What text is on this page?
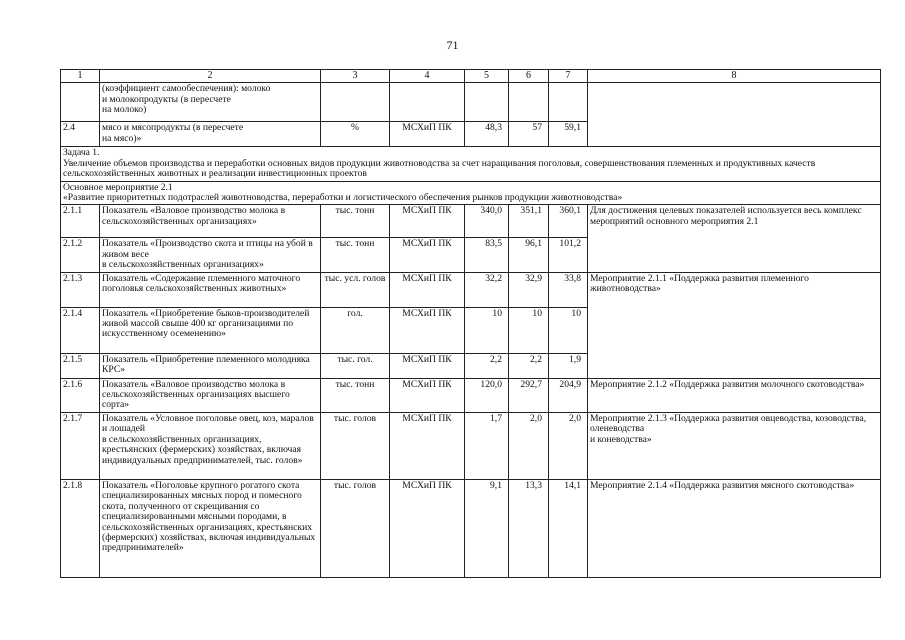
71
1	2	3	4	5	6	7	8
	(коэффициент самообеспечения): молоко
и молокопродукты (в пересчете
на молоко)						
2.4	мясо и мясопродукты (в пересчете
на мясо)»	%	МСХиП ПК	48,3	57	59,1	

Задача 1.
Увеличение объемов производства и переработки основных видов продукции животноводства за счет наращивания поголовья, совершенствования племенных и продуктивных качеств сельскохозяйственных животных и реализации инвестиционных проектов							

Основное мероприятие 2.1
«Развитие приоритетных подотраслей животноводства, переработки и логистического обеспечения рынков продукции животноводства»							

2.1.1	Показатель «Валовое производство молока в сельскохозяйственных организациях»	тыс. тонн	МСХиП ПК	340,0	351,1	360,1	Для достижения целевых показателей используется весь комплекс мероприятий основного мероприятия 2.1
2.1.2	Показатель «Производство скота и птицы на убой в живом весе
в сельскохозяйственных организациях»	тыс. тонн	МСХиП ПК	83,5	96,1	101,2	
2.1.3	Показатель «Содержание племенного маточного поголовья сельскохозяйственных животных»	тыс. усл. голов	МСХиП ПК	32,2	32,9	33,8	Мероприятие 2.1.1 «Поддержка развития племенного животноводства»
2.1.4	Показатель «Приобретение быков-производителей живой массой свыше 400 кг организациями по искусственному осеменению»	гол.	МСХиП ПК	10	10	10	
2.1.5	Показатель «Приобретение племенного молодняка КРС»	тыс. гол.	МСХиП ПК	2,2	2,2	1,9	
2.1.6	Показатель «Валовое производство молока в сельскохозяйственных организациях высшего сорта»	тыс. тонн	МСХиП ПК	120,0	292,7	204,9	Мероприятие 2.1.2 «Поддержка развития молочного скотоводства»
2.1.7	Показатель «Условное поголовье овец, коз, маралов и лошадей
в сельскохозяйственных организациях, крестьянских (фермерских) хозяйствах, включая индивидуальных предпринимателей, тыс. голов»	тыс. голов	МСХиП ПК	1,7	2,0	2,0	Мероприятие 2.1.3 «Поддержка развития овцеводства, козоводства, оленеводства
и коневодства»
2.1.8	Показатель «Поголовье крупного рогатого скота специализированных мясных пород и помесного скота, полученного от скрещивания со специализированными мясными породами, в сельскохозяйственных организациях, крестьянских (фермерских) хозяйствах, включая индивидуальных предпринимателей»	тыс. голов	МСХиП ПК	9,1	13,3	14,1	Мероприятие 2.1.4 «Поддержка развития мясного скотоводства»
